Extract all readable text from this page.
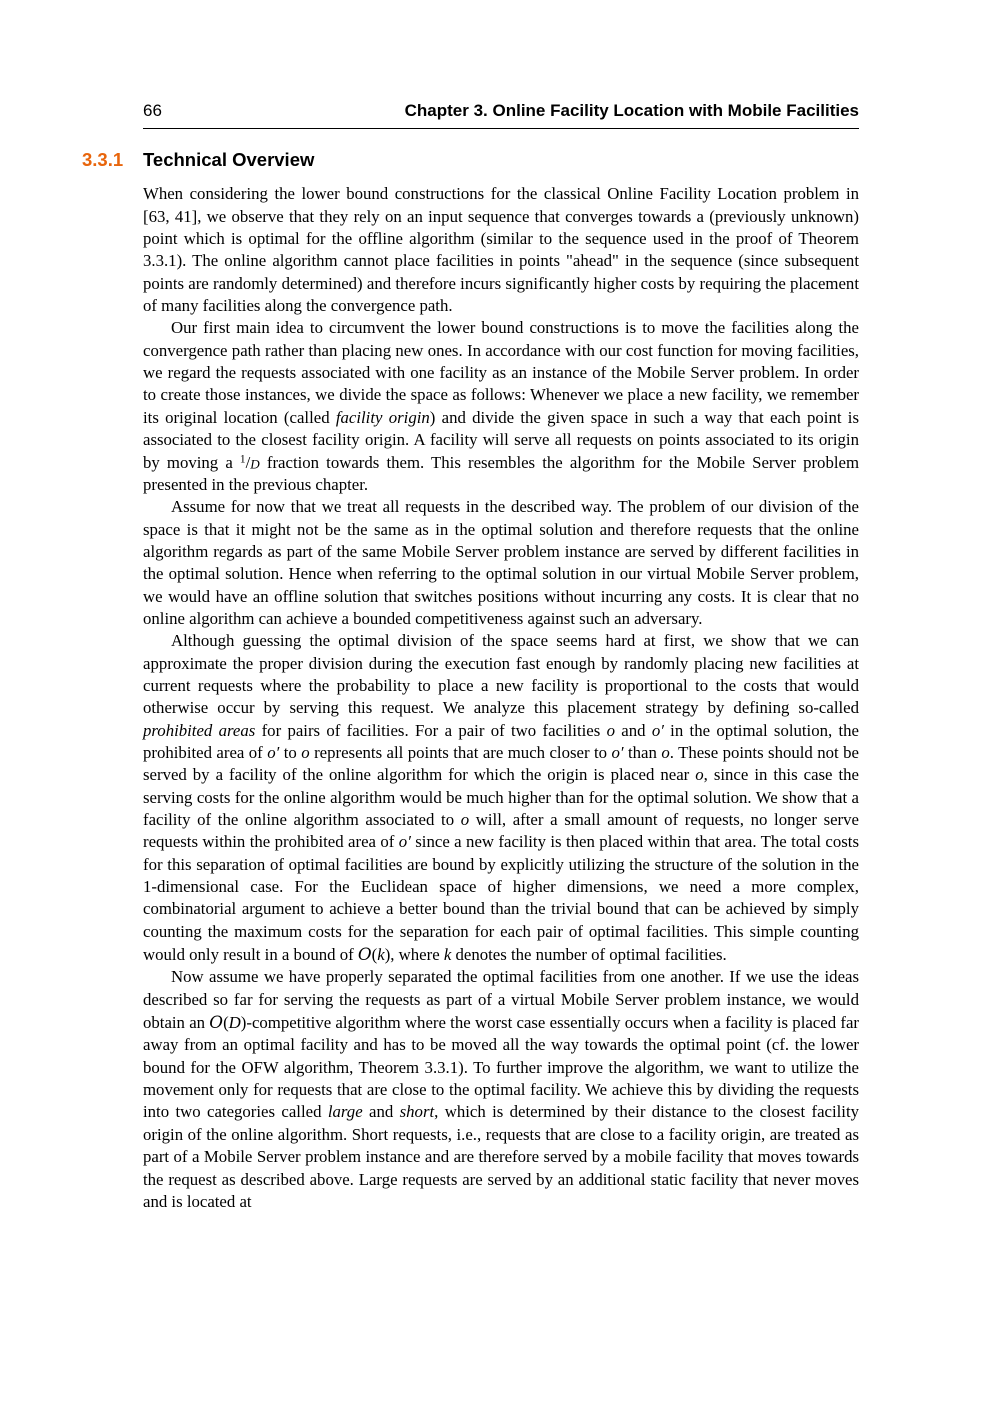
66	Chapter 3. Online Facility Location with Mobile Facilities
3.3.1 Technical Overview

When considering the lower bound constructions for the classical Online Facility Location problem in [63, 41], we observe that they rely on an input sequence that converges towards a (previously unknown) point which is optimal for the offline algorithm (similar to the sequence used in the proof of Theorem 3.3.1). The online algorithm cannot place facilities in points "ahead" in the sequence (since subsequent points are randomly determined) and therefore incurs significantly higher costs by requiring the placement of many facilities along the convergence path.

Our first main idea to circumvent the lower bound constructions is to move the facilities along the convergence path rather than placing new ones. In accordance with our cost function for moving facilities, we regard the requests associated with one facility as an instance of the Mobile Server problem. In order to create those instances, we divide the space as follows: Whenever we place a new facility, we remember its original location (called facility origin) and divide the given space in such a way that each point is associated to the closest facility origin. A facility will serve all requests on points associated to its origin by moving a $^1$/D fraction towards them. This resembles the algorithm for the Mobile Server problem presented in the previous chapter.

Assume for now that we treat all requests in the described way. The problem of our division of the space is that it might not be the same as in the optimal solution and therefore requests that the online algorithm regards as part of the same Mobile Server problem instance are served by different facilities in the optimal solution. Hence when referring to the optimal solution in our virtual Mobile Server problem, we would have an offline solution that switches positions without incurring any costs. It is clear that no online algorithm can achieve a bounded competitiveness against such an adversary.

Although guessing the optimal division of the space seems hard at first, we show that we can approximate the proper division during the execution fast enough by randomly placing new facilities at current requests where the probability to place a new facility is proportional to the costs that would otherwise occur by serving this request. We analyze this placement strategy by defining so-called prohibited areas for pairs of facilities. For a pair of two facilities o and o′ in the optimal solution, the prohibited area of o′ to o represents all points that are much closer to o′ than o. These points should not be served by a facility of the online algorithm for which the origin is placed near o, since in this case the serving costs for the online algorithm would be much higher than for the optimal solution. We show that a facility of the online algorithm associated to o will, after a small amount of requests, no longer serve requests within the prohibited area of o′ since a new facility is then placed within that area. The total costs for this separation of optimal facilities are bound by explicitly utilizing the structure of the solution in the 1-dimensional case. For the Euclidean space of higher dimensions, we need a more complex, combinatorial argument to achieve a better bound than the trivial bound that can be achieved by simply counting the maximum costs for the separation for each pair of optimal facilities. This simple counting would only result in a bound of O(k), where k denotes the number of optimal facilities.

Now assume we have properly separated the optimal facilities from one another. If we use the ideas described so far for serving the requests as part of a virtual Mobile Server problem instance, we would obtain an O(D)-competitive algorithm where the worst case essentially occurs when a facility is placed far away from an optimal facility and has to be moved all the way towards the optimal point (cf. the lower bound for the OFW algorithm, Theorem 3.3.1). To further improve the algorithm, we want to utilize the movement only for requests that are close to the optimal facility. We achieve this by dividing the requests into two categories called large and short, which is determined by their distance to the closest facility origin of the online algorithm. Short requests, i.e., requests that are close to a facility origin, are treated as part of a Mobile Server problem instance and are therefore served by a mobile facility that moves towards the request as described above. Large requests are served by an additional static facility that never moves and is located at
